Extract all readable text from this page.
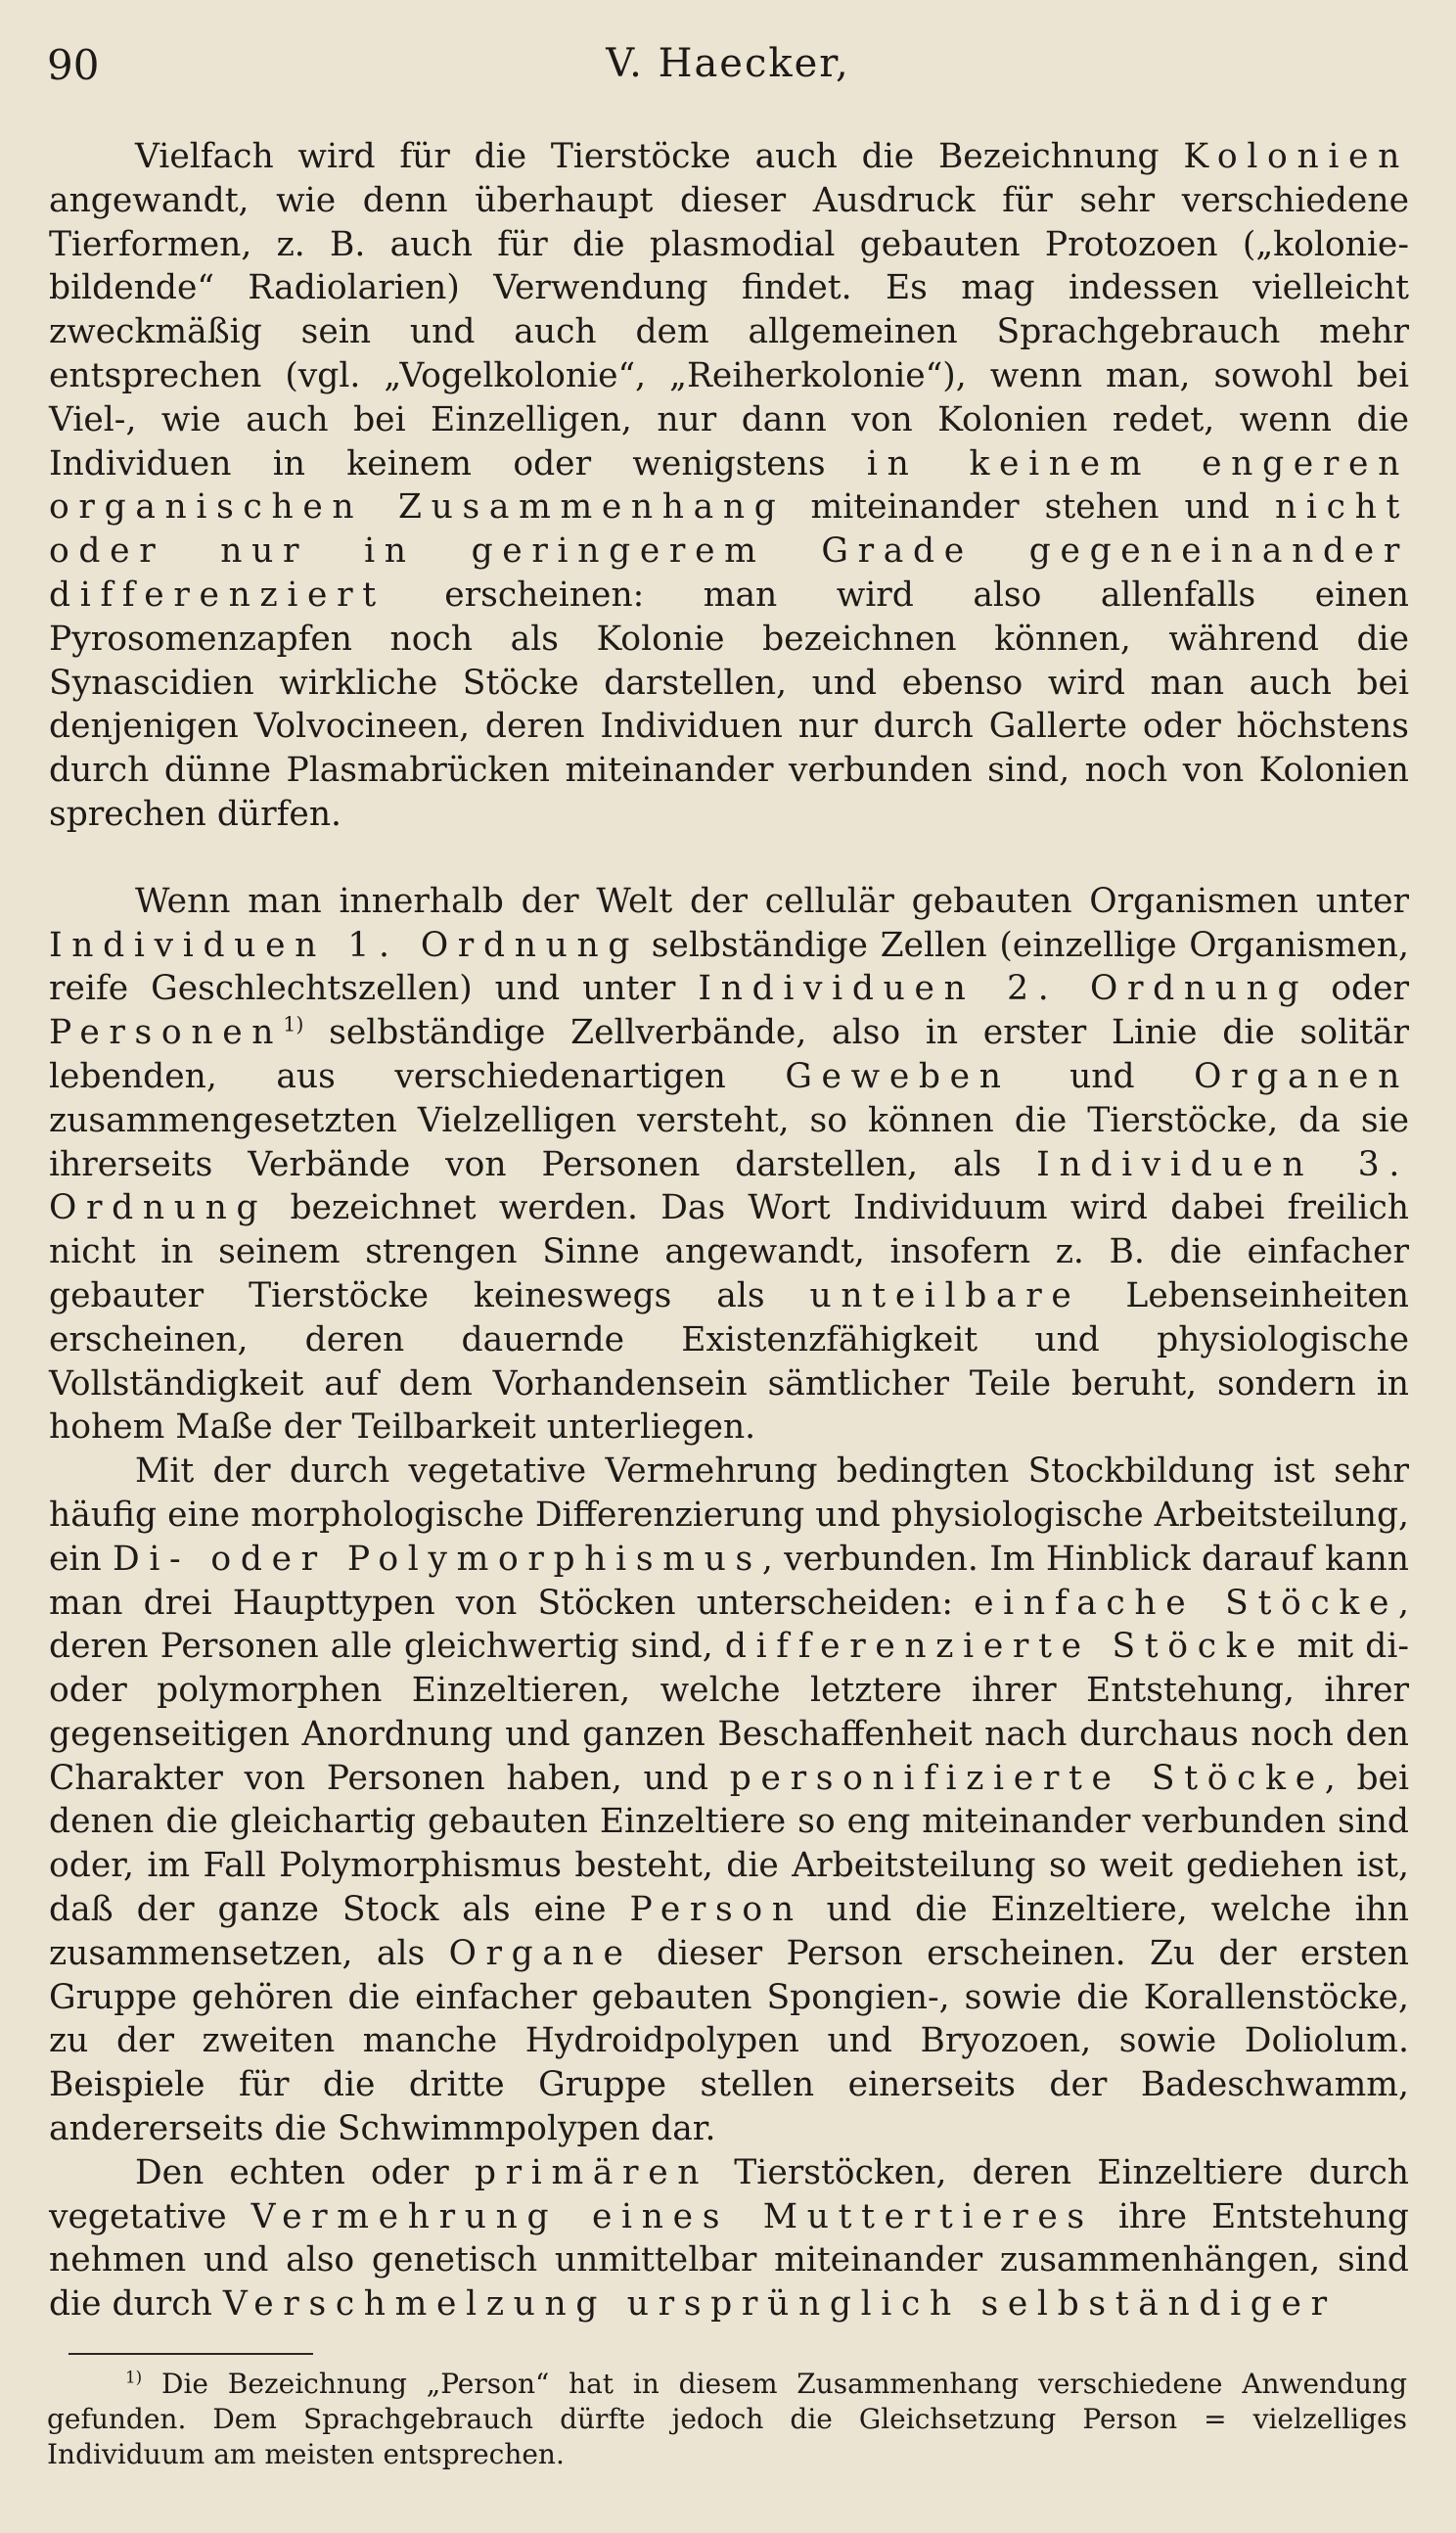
90	V. Haecker,

Vielfach wird für die Tierstöcke auch die Bezeichnung Kolonien angewandt, wie denn überhaupt dieser Ausdruck für sehr verschiedene Tierformen, z. B. auch für die plasmodial gebauten Protozoen („kolonie-bildende“ Radiolarien) Verwendung findet. Es mag indessen vielleicht zweckmäßig sein und auch dem allgemeinen Sprachgebrauch mehr entsprechen (vgl. „Vogelkolonie“, „Reiherkolonie“), wenn man, sowohl bei Viel-, wie auch bei Einzelligen, nur dann von Kolonien redet, wenn die Individuen in keinem oder wenigstens in keinem engeren organischen Zusammenhang miteinander stehen und nicht oder nur in geringerem Grade gegeneinander differenziert erscheinen: man wird also allenfalls einen Pyrosomenzapfen noch als Kolonie bezeichnen können, während die Synascidien wirkliche Stöcke darstellen, und ebenso wird man auch bei denjenigen Volvocineen, deren Individuen nur durch Gallerte oder höchstens durch dünne Plasmabrücken miteinander verbunden sind, noch von Kolonien sprechen dürfen.

Wenn man innerhalb der Welt der cellulär gebauten Organismen unter Individuen 1. Ordnung selbständige Zellen (einzellige Organismen, reife Geschlechtszellen) und unter Individuen 2. Ordnung oder Personen$^{1)}$ selbständige Zellverbände, also in erster Linie die solitär lebenden, aus verschiedenartigen Geweben und Organen zusammengesetzten Vielzelligen versteht, so können die Tierstöcke, da sie ihrerseits Verbände von Personen darstellen, als Individuen 3. Ordnung bezeichnet werden. Das Wort Individuum wird dabei freilich nicht in seinem strengen Sinne angewandt, insofern z. B. die einfacher gebauter Tierstöcke keineswegs als unteilbare Lebenseinheiten erscheinen, deren dauernde Existenzfähigkeit und physiologische Vollständigkeit auf dem Vorhandensein sämtlicher Teile beruht, sondern in hohem Maße der Teilbarkeit unterliegen.

Mit der durch vegetative Vermehrung bedingten Stockbildung ist sehr häufig eine morphologische Differenzierung und physiologische Arbeitsteilung, ein Di- oder Polymorphismus, verbunden. Im Hinblick darauf kann man drei Haupttypen von Stöcken unterscheiden: einfache Stöcke, deren Personen alle gleichwertig sind, differenzierte Stöcke mit di- oder polymorphen Einzeltieren, welche letztere ihrer Entstehung, ihrer gegenseitigen Anordnung und ganzen Beschaffenheit nach durchaus noch den Charakter von Personen haben, und personifizierte Stöcke, bei denen die gleichartig gebauten Einzeltiere so eng miteinander verbunden sind oder, im Fall Polymorphismus besteht, die Arbeitsteilung so weit gediehen ist, daß der ganze Stock als eine Person und die Einzeltiere, welche ihn zusammensetzen, als Organe dieser Person erscheinen. Zu der ersten Gruppe gehören die einfacher gebauten Spongien-, sowie die Korallenstöcke, zu der zweiten manche Hydroidpolypen und Bryozoen, sowie Doliolum. Beispiele für die dritte Gruppe stellen einerseits der Badeschwamm, andererseits die Schwimmpolypen dar.

Den echten oder primären Tierstöcken, deren Einzeltiere durch vegetative Vermehrung eines Muttertieres ihre Entstehung nehmen und also genetisch unmittelbar miteinander zusammenhängen, sind die durch Verschmelzung ursprünglich selbständiger

$^{1)}$ Die Bezeichnung „Person“ hat in diesem Zusammenhang verschiedene Anwendung gefunden. Dem Sprachgebrauch dürfte jedoch die Gleichsetzung Person = vielzelliges Individuum am meisten entsprechen.
